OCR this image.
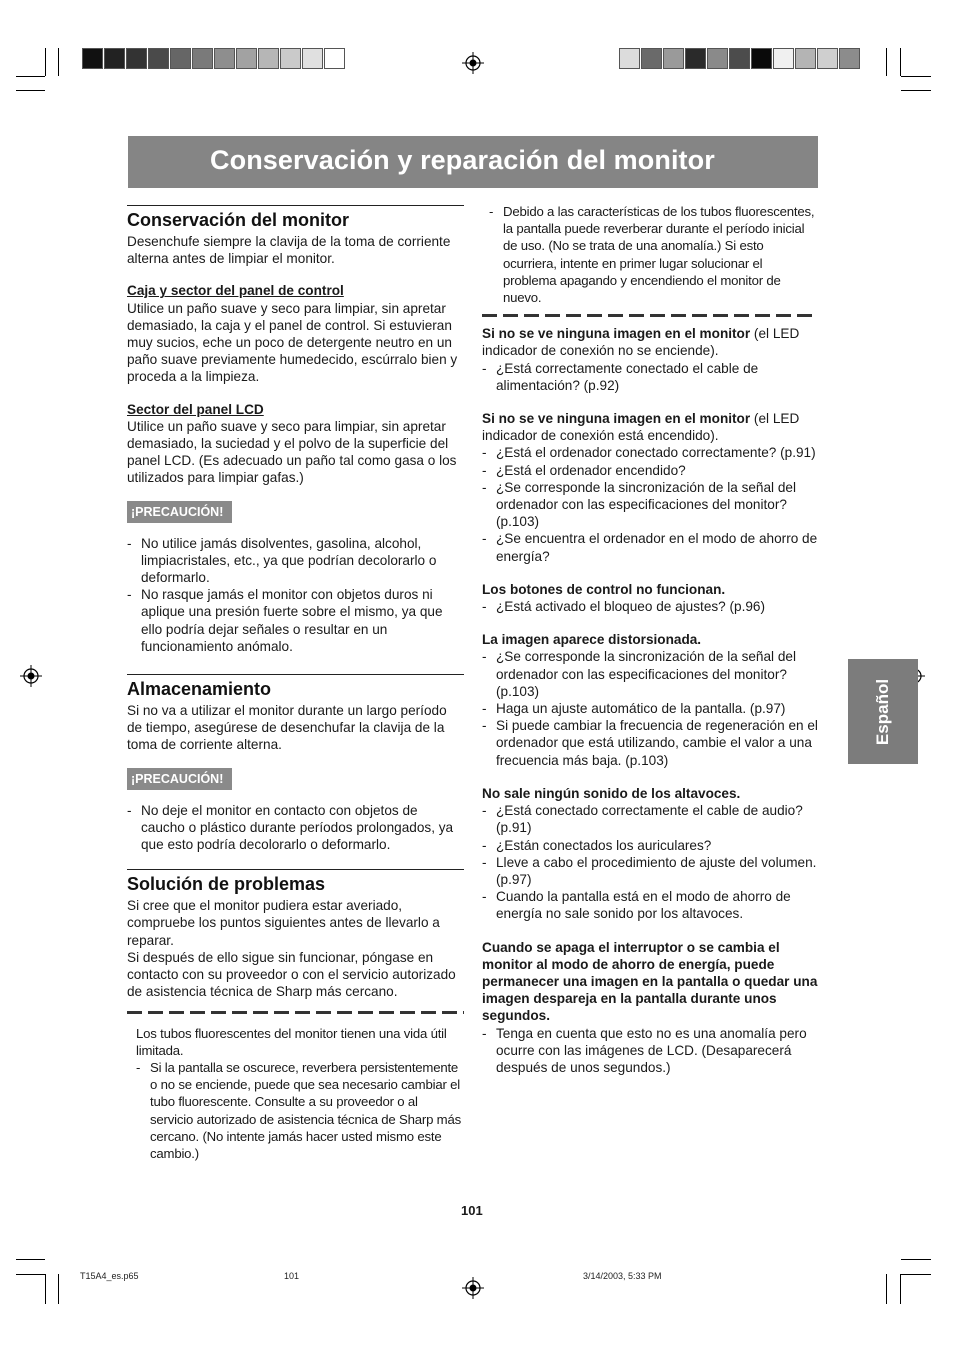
Conservación y reparación del monitor
Conservación del monitor

Desenchufe siempre la clavija de la toma de corriente alterna antes de limpiar el monitor.

Caja y sector del panel de control

Utilice un paño suave y seco para limpiar, sin apretar demasiado, la caja y el panel de control. Si estuvieran muy sucios, eche un poco de detergente neutro en un paño suave previamente humedecido, escúrralo bien y proceda a la limpieza.

Sector del panel LCD

Utilice un paño suave y seco para limpiar, sin apretar demasiado, la suciedad y el polvo de la superficie del panel LCD. (Es adecuado un paño tal como gasa o los utilizados para limpiar gafas.)

¡PRECAUCIÓN!
- No utilice jamás disolventes, gasolina, alcohol, limpiacristales, etc., ya que podrían decolorarlo o deformarlo.
- No rasque jamás el monitor con objetos duros ni aplique una presión fuerte sobre el mismo, ya que ello podría dejar señales o resultar en un funcionamiento anómalo.
Almacenamiento

Si no va a utilizar el monitor durante un largo período de tiempo, asegúrese de desenchufar la clavija de la toma de corriente alterna.

¡PRECAUCIÓN!
- No deje el monitor en contacto con objetos de caucho o plástico durante períodos prolongados, ya que esto podría decolorarlo o deformarlo.
Solución de problemas

Si cree que el monitor pudiera estar averiado, compruebe los puntos siguientes antes de llevarlo a reparar.

Si después de ello sigue sin funcionar, póngase en contacto con su proveedor o con el servicio autorizado de asistencia técnica de Sharp más cercano.

Los tubos fluorescentes del monitor tienen una vida útil limitada.

- Si la pantalla se oscurece, reverbera persistentemente o no se enciende, puede que sea necesario cambiar el tubo fluorescente. Consulte a su proveedor o al servicio autorizado de asistencia técnica de Sharp más cercano. (No intente jamás hacer usted mismo este cambio.)
- Debido a las características de los tubos fluorescentes, la pantalla puede reverberar durante el período inicial de uso. (No se trata de una anomalía.) Si esto ocurriera, intente en primer lugar solucionar el problema apagando y encendiendo el monitor de nuevo.

Si no se ve ninguna imagen en el monitor (el LED indicador de conexión no se enciende).

- ¿Está correctamente conectado el cable de alimentación? (p.92)

Si no se ve ninguna imagen en el monitor (el LED indicador de conexión está encendido).

- ¿Está el ordenador conectado correctamente? (p.91)
- ¿Está el ordenador encendido?
- ¿Se corresponde la sincronización de la señal del ordenador con las especificaciones del monitor? (p.103)
- ¿Se encuentra el ordenador en el modo de ahorro de energía?

Los botones de control no funcionan.

- ¿Está activado el bloqueo de ajustes? (p.96)

La imagen aparece distorsionada.

- ¿Se corresponde la sincronización de la señal del ordenador con las especificaciones del monitor? (p.103)
- Haga un ajuste automático de la pantalla. (p.97)
- Si puede cambiar la frecuencia de regeneración en el ordenador que está utilizando, cambie el valor a una frecuencia más baja. (p.103)

No sale ningún sonido de los altavoces.

- ¿Está conectado correctamente el cable de audio? (p.91)
- ¿Están conectados los auriculares?
- Lleve a cabo el procedimiento de ajuste del volumen. (p.97)
- Cuando la pantalla está en el modo de ahorro de energía no sale sonido por los altavoces.

Cuando se apaga el interruptor o se cambia el monitor al modo de ahorro de energía, puede permanecer una imagen en la pantalla o quedar una imagen despareja en la pantalla durante unos segundos.

- Tenga en cuenta que esto no es una anomalía pero ocurre con las imágenes de LCD. (Desaparecerá después de unos segundos.)
Español
101
T15A4_es.p65	101	3/14/2003, 5:33 PM
